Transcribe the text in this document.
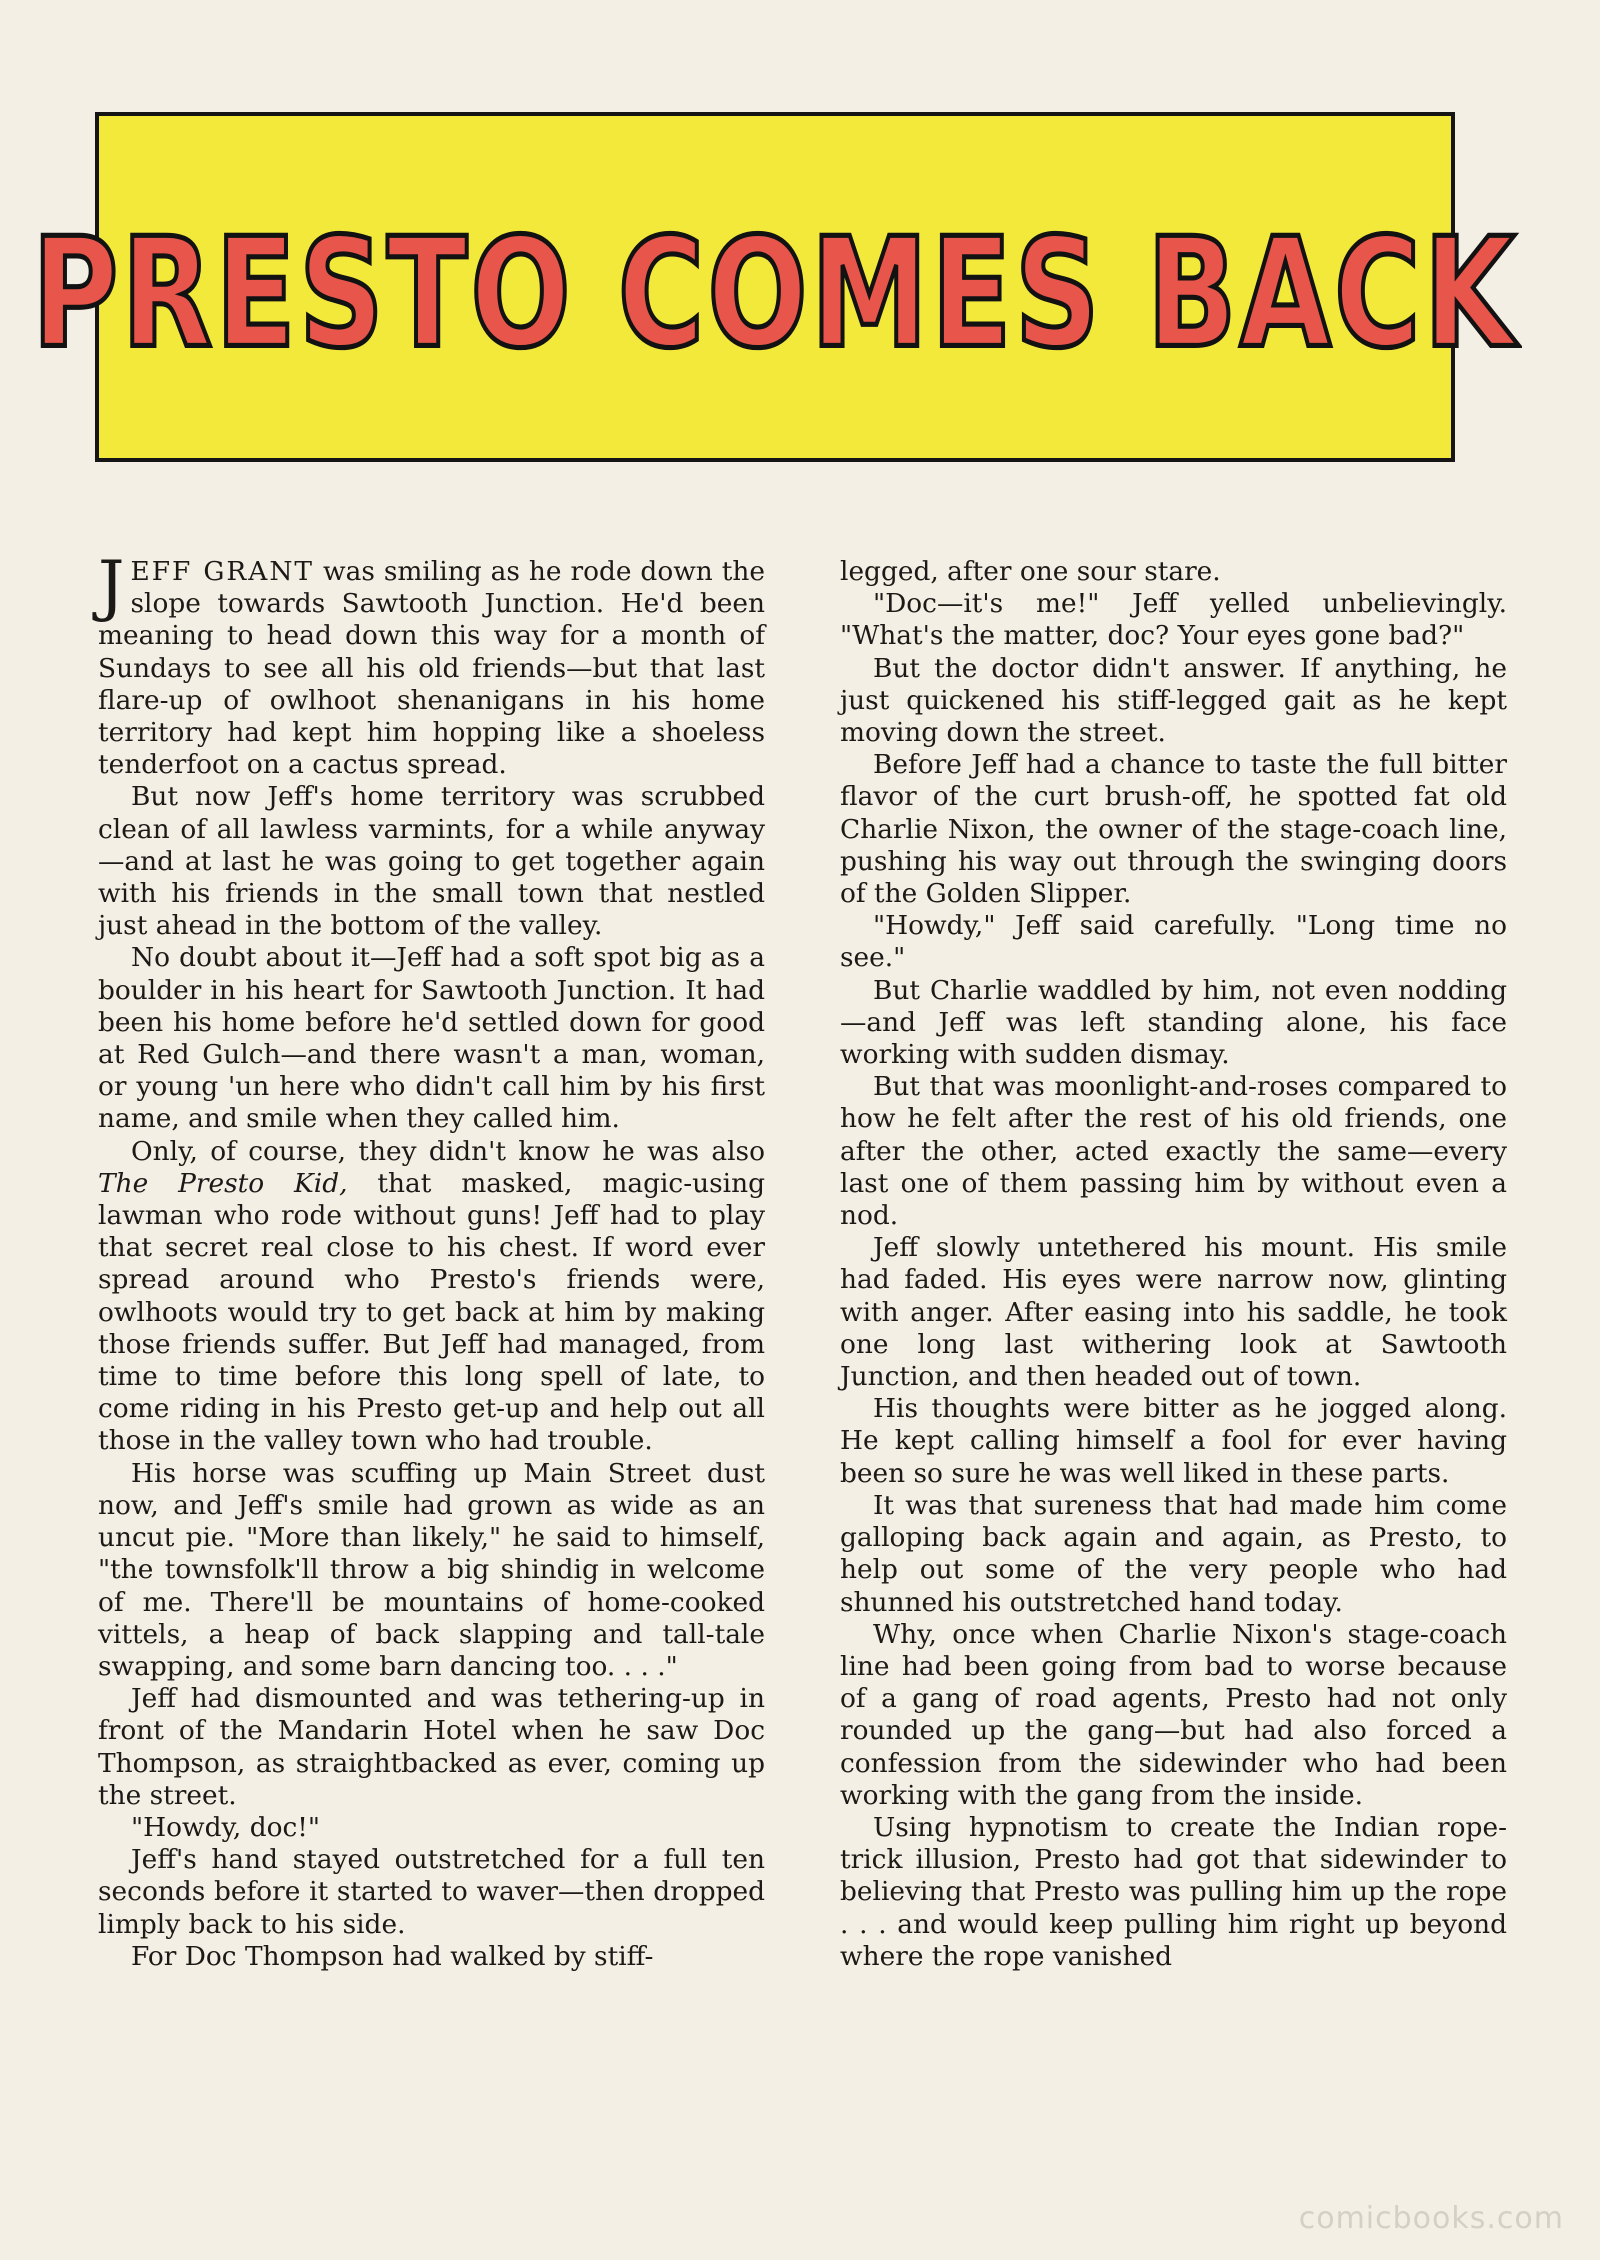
PRESTO COMES BACK

JEFF GRANT was smiling as he rode down the slope towards Sawtooth Junction. He'd been meaning to head down this way for a month of Sundays to see all his old friends—but that last flare-up of owlhoot shenanigans in his home territory had kept him hopping like a shoeless tenderfoot on a cactus spread.

But now Jeff's home territory was scrubbed clean of all lawless varmints, for a while anyway—and at last he was going to get together again with his friends in the small town that nestled just ahead in the bottom of the valley.

No doubt about it—Jeff had a soft spot big as a boulder in his heart for Sawtooth Junction. It had been his home before he'd settled down for good at Red Gulch—and there wasn't a man, woman, or young 'un here who didn't call him by his first name, and smile when they called him.

Only, of course, they didn't know he was also The Presto Kid, that masked, magic-using lawman who rode without guns! Jeff had to play that secret real close to his chest. If word ever spread around who Presto's friends were, owlhoots would try to get back at him by making those friends suffer. But Jeff had managed, from time to time before this long spell of late, to come riding in his Presto get-up and help out all those in the valley town who had trouble.

His horse was scuffing up Main Street dust now, and Jeff's smile had grown as wide as an uncut pie. "More than likely," he said to himself, "the townsfolk'll throw a big shindig in welcome of me. There'll be mountains of home-cooked vittels, a heap of back slapping and tall-tale swapping, and some barn dancing too. . . ."

Jeff had dismounted and was tethering-up in front of the Mandarin Hotel when he saw Doc Thompson, as straightbacked as ever, coming up the street.

"Howdy, doc!"

Jeff's hand stayed outstretched for a full ten seconds before it started to waver—then dropped limply back to his side.

For Doc Thompson had walked by stiff-

legged, after one sour stare.

"Doc—it's me!" Jeff yelled unbelievingly. "What's the matter, doc? Your eyes gone bad?"

But the doctor didn't answer. If anything, he just quickened his stiff-legged gait as he kept moving down the street.

Before Jeff had a chance to taste the full bitter flavor of the curt brush-off, he spotted fat old Charlie Nixon, the owner of the stage-coach line, pushing his way out through the swinging doors of the Golden Slipper.

"Howdy," Jeff said carefully. "Long time no see."

But Charlie waddled by him, not even nodding—and Jeff was left standing alone, his face working with sudden dismay.

But that was moonlight-and-roses compared to how he felt after the rest of his old friends, one after the other, acted exactly the same—every last one of them passing him by without even a nod.

Jeff slowly untethered his mount. His smile had faded. His eyes were narrow now, glinting with anger. After easing into his saddle, he took one long last withering look at Sawtooth Junction, and then headed out of town.

His thoughts were bitter as he jogged along. He kept calling himself a fool for ever having been so sure he was well liked in these parts.

It was that sureness that had made him come galloping back again and again, as Presto, to help out some of the very people who had shunned his outstretched hand today.

Why, once when Charlie Nixon's stage-coach line had been going from bad to worse because of a gang of road agents, Presto had not only rounded up the gang—but had also forced a confession from the sidewinder who had been working with the gang from the inside.

Using hypnotism to create the Indian rope-trick illusion, Presto had got that sidewinder to believing that Presto was pulling him up the rope . . . and would keep pulling him right up beyond where the rope vanished

comicbooks.com
